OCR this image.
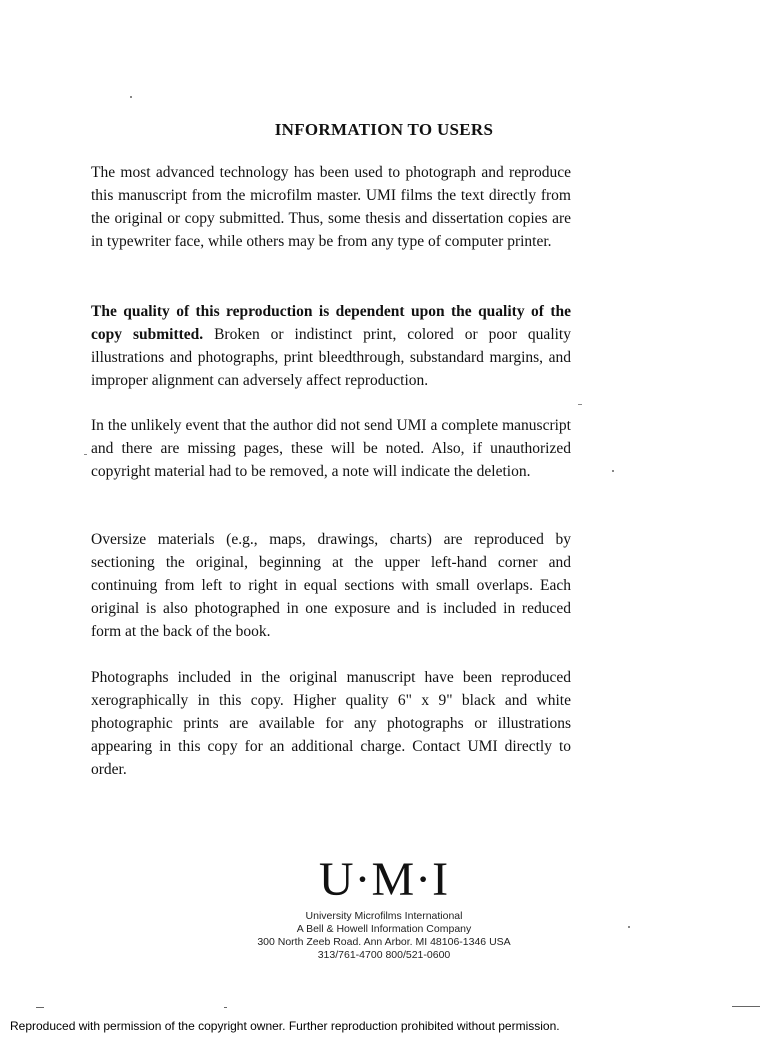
INFORMATION TO USERS
The most advanced technology has been used to photograph and reproduce this manuscript from the microfilm master. UMI films the text directly from the original or copy submitted. Thus, some thesis and dissertation copies are in typewriter face, while others may be from any type of computer printer.
The quality of this reproduction is dependent upon the quality of the copy submitted. Broken or indistinct print, colored or poor quality illustrations and photographs, print bleedthrough, substandard margins, and improper alignment can adversely affect reproduction.
In the unlikely event that the author did not send UMI a complete manuscript and there are missing pages, these will be noted. Also, if unauthorized copyright material had to be removed, a note will indicate the deletion.
Oversize materials (e.g., maps, drawings, charts) are reproduced by sectioning the original, beginning at the upper left-hand corner and continuing from left to right in equal sections with small overlaps. Each original is also photographed in one exposure and is included in reduced form at the back of the book.
Photographs included in the original manuscript have been reproduced xerographically in this copy. Higher quality 6" x 9" black and white photographic prints are available for any photographs or illustrations appearing in this copy for an additional charge. Contact UMI directly to order.
U·M·I
University Microfilms International
A Bell & Howell Information Company
300 North Zeeb Road. Ann Arbor. MI 48106-1346 USA
313/761-4700 800/521-0600
Reproduced with permission of the copyright owner. Further reproduction prohibited without permission.
